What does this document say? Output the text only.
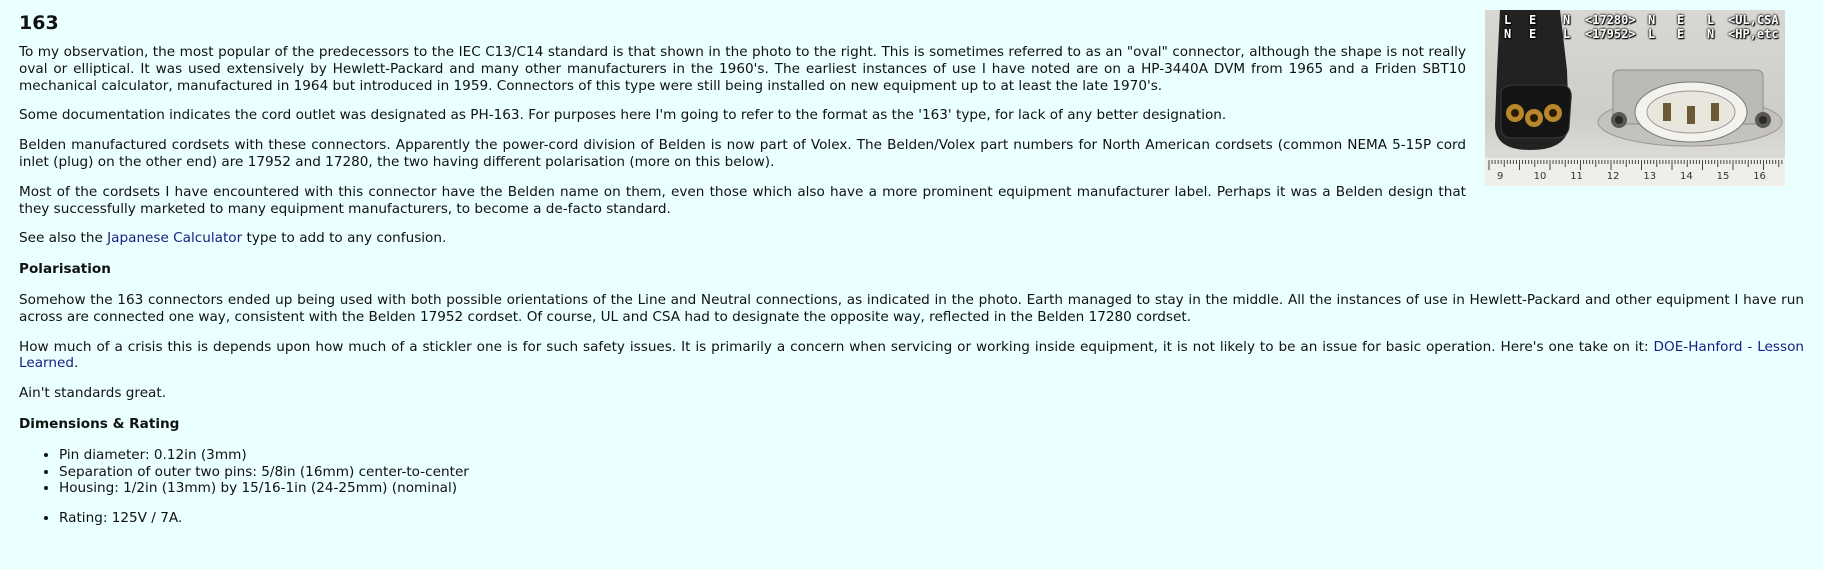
L E N <17280> N E L <UL,CSA
N E L <17952> L E N <HP,etc
9	10 11 12 13 14 15 16
163

To my observation, the most popular of the predecessors to the IEC C13/C14 standard is that shown in the photo to the right. This is sometimes referred to as an "oval" connector, although the shape is not really oval or elliptical. It was used extensively by Hewlett-Packard and many other manufacturers in the 1960's. The earliest instances of use I have noted are on a HP-3440A DVM from 1965 and a Friden SBT10 mechanical calculator, manufactured in 1964 but introduced in 1959. Connectors of this type were still being installed on new equipment up to at least the late 1970's.

Some documentation indicates the cord outlet was designated as PH-163. For purposes here I'm going to refer to the format as the '163' type, for lack of any better designation.

Belden manufactured cordsets with these connectors. Apparently the power-cord division of Belden is now part of Volex. The Belden/Volex part numbers for North American cordsets (common NEMA 5-15P cord inlet (plug) on the other end) are 17952 and 17280, the two having different polarisation (more on this below).

Most of the cordsets I have encountered with this connector have the Belden name on them, even those which also have a more prominent equipment manufacturer label. Perhaps it was a Belden design that they successfully marketed to many equipment manufacturers, to become a de-facto standard.

See also the Japanese Calculator type to add to any confusion.

Polarisation

Somehow the 163 connectors ended up being used with both possible orientations of the Line and Neutral connections, as indicated in the photo. Earth managed to stay in the middle. All the instances of use in Hewlett-Packard and other equipment I have run across are connected one way, consistent with the Belden 17952 cordset. Of course, UL and CSA had to designate the opposite way, reflected in the Belden 17280 cordset.

How much of a crisis this is depends upon how much of a stickler one is for such safety issues. It is primarily a concern when servicing or working inside equipment, it is not likely to be an issue for basic operation. Here's one take on it: DOE-Hanford - Lesson Learned.

Ain't standards great.

Dimensions & Rating
• Pin diameter: 0.12in (3mm)
• Separation of outer two pins: 5/8in (16mm) center-to-center
• Housing: 1/2in (13mm) by 15/16-1in (24-25mm) (nominal)
• Rating: 125V / 7A.
